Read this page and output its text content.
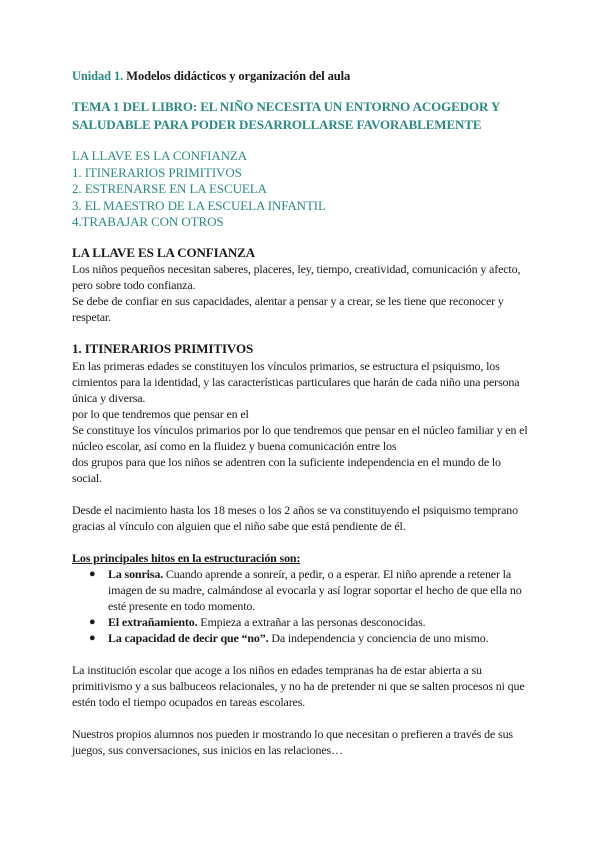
Unidad 1. Modelos didácticos y organización del aula

TEMA 1 DEL LIBRO: EL NIÑO NECESITA UN ENTORNO ACOGEDOR Y SALUDABLE PARA PODER DESARROLLARSE FAVORABLEMENTE

LA LLAVE ES LA CONFIANZA
1. ITINERARIOS PRIMITIVOS
2. ESTRENARSE EN LA ESCUELA
3. EL MAESTRO DE LA ESCUELA INFANTIL
4.TRABAJAR CON OTROS
LA LLAVE ES LA CONFIANZA

Los niños pequeños necesitan saberes, placeres, ley, tiempo, creatividad, comunicación y afecto, pero sobre todo confianza.

Se debe de confiar en sus capacidades, alentar a pensar y a crear, se les tiene que reconocer y respetar.

1. ITINERARIOS PRIMITIVOS

En las primeras edades se constituyen los vínculos primarios, se estructura el psiquismo, los cimientos para la identidad, y las características particulares que harán de cada niño una persona única y diversa.

por lo que tendremos que pensar en el

Se constituye los vínculos primarios por lo que tendremos que pensar en el núcleo familiar y en el núcleo escolar, así como en la fluidez y buena comunicación entre los

dos grupos para que los niños se adentren con la suficiente independencia en el mundo de lo social.

Desde el nacimiento hasta los 18 meses o los 2 años se va constituyendo el psiquismo temprano gracias al vínculo con alguien que el niño sabe que está pendiente de él.

Los principales hitos en la estructuración son:

● La sonrisa. Cuando aprende a sonreír, a pedir, o a esperar. El niño aprende a retener la imagen de su madre, calmándose al evocarla y así lograr soportar el hecho de que ella no esté presente en todo momento.
● El extrañamiento. Empieza a extrañar a las personas desconocidas.
● La capacidad de decir que “no”. Da independencia y conciencia de uno mismo.

La institución escolar que acoge a los niños en edades tempranas ha de estar abierta a su primitivismo y a sus balbuceos relacionales, y no ha de pretender ni que se salten procesos ni que estén todo el tiempo ocupados en tareas escolares.

Nuestros propios alumnos nos pueden ir mostrando lo que necesitan o prefieren a través de sus juegos, sus conversaciones, sus inicios en las relaciones…
